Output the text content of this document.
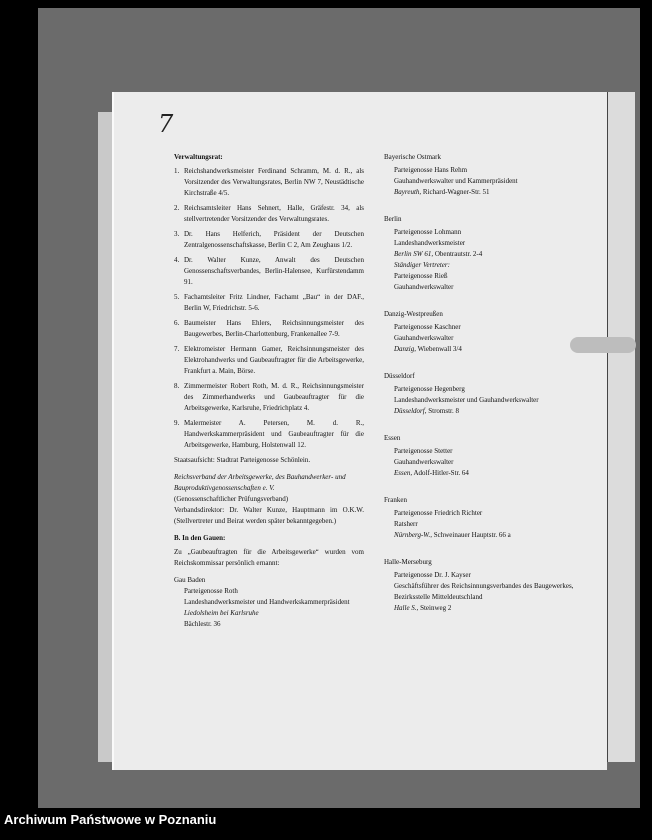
7
Verwaltungsrat:
1. Reichshandwerksmeister Ferdinand Schramm, M. d. R., als Vorsitzender des Verwaltungsrates, Berlin NW 7, Neustädtische Kirchstraße 4/5.
2. Reichsamtsleiter Hans Sehnert, Halle, Gräfestr. 34, als stellvertretender Vorsitzender des Verwaltungsrates.
3. Dr. Hans Helferich, Präsident der Deutschen Zentralgenossenschaftskasse, Berlin C 2, Am Zeughaus 1/2.
4. Dr. Walter Kunze, Anwalt des Deutschen Genossenschaftsverbandes, Berlin-Halensee, Kurfürstendamm 91.
5. Fachamtsleiter Fritz Lindner, Fachamt „Bau“ in der DAF., Berlin W, Friedrichstr. 5-6.
6. Baumeister Hans Ehlers, Reichsinnungsmeister des Baugewerbes, Berlin-Charlottenburg, Frankenallee 7-9.
7. Elektromeister Hermann Gamer, Reichsinnungsmeister des Elektrohandwerks und Gaubeauftragter für die Arbeitsgewerke, Frankfurt a. Main, Börse.
8. Zimmermeister Robert Roth, M. d. R., Reichsinnungsmeister des Zimmerhandwerks und Gaubeauftragter für die Arbeitsgewerke, Karlsruhe, Friedrichplatz 4.
9. Malermeister A. Petersen, M. d. R., Handwerkskammerpräsident und Gaubeauftragter für die Arbeitsgewerke, Hamburg, Holstenwall 12.
Staatsaufsicht: Stadtrat Parteigenosse Schönlein.
Reichsverband der Arbeitsgewerke, des Bauhandwerker- und Bauproduktivgenossenschaften e. V.
(Genossenschaftlicher Prüfungsverband)
Verbandsdirektor: Dr. Walter Kunze, Hauptmann im O.K.W. (Stellvertreter und Beirat werden später bekanntgegeben.)
B. In den Gauen:
Zu „Gaubeauftragten für die Arbeitsgewerke“ wurden vom Reichskommissar persönlich ernannt:
Gau Baden
Parteigenosse Roth
Landeshandwerksmeister und Handwerkskammerpräsident
Liedolsheim bei Karlsruhe
Bächlestr. 36
Bayerische Ostmark
Parteigenosse Hans Rehm
Gauhandwerkswalter und Kammerpräsident
Bayreuth, Richard-Wagner-Str. 51
Berlin
Parteigenosse Lohmann
Landeshandwerksmeister
Berlin SW 61, Obentrautstr. 2-4
Ständiger Vertreter:
Parteigenosse Rieß
Gauhandwerkswalter
Danzig-Westpreußen
Parteigenosse Kaschner
Gauhandwerkswalter
Danzig, Wiebenwall 3/4
Düsseldorf
Parteigenosse Hegenberg
Landeshandwerksmeister und Gauhandwerkswalter
Düsseldorf, Stromstr. 8
Essen
Parteigenosse Stetter
Gauhandwerkswalter
Essen, Adolf-Hitler-Str. 64
Franken
Parteigenosse Friedrich Richter
Ratsherr
Nürnberg-W., Schweinauer Hauptstr. 66 a
Halle-Merseburg
Parteigenosse Dr. J. Kayser
Geschäftsführer des Reichsinnungsverbandes des Baugewerkes, Bezirksstelle Mitteldeutschland
Halle S., Steinweg 2
Archiwum Państwowe w Poznaniu
